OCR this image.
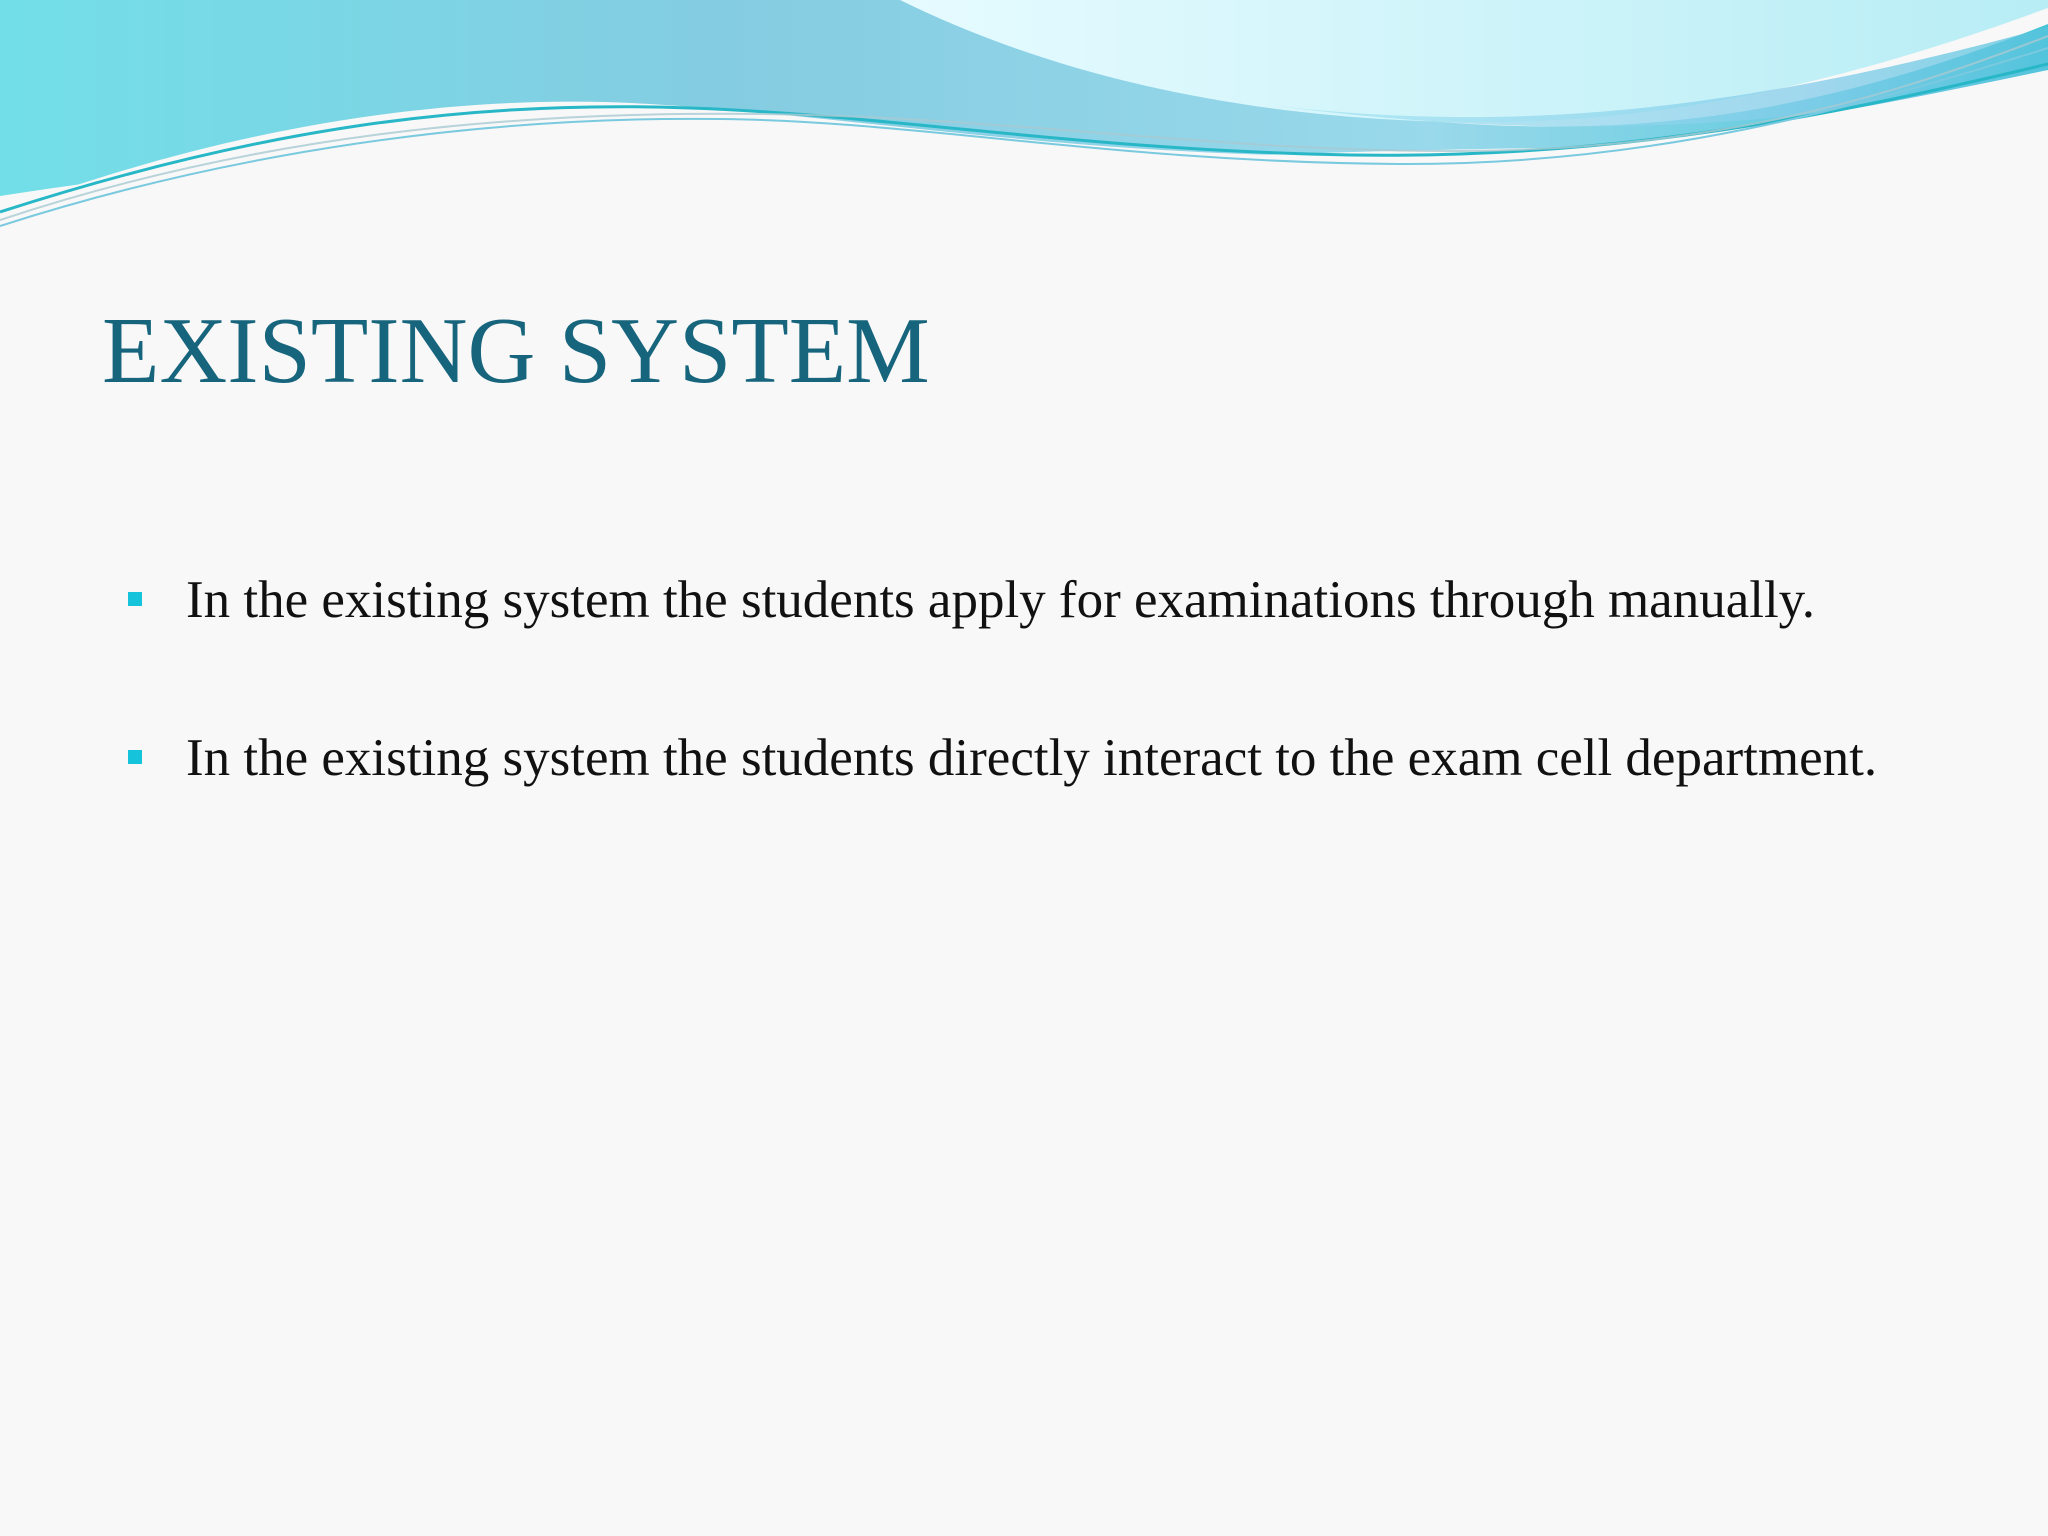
EXISTING SYSTEM
In the existing system the students apply for examinations through manually.
In the existing system the students directly interact to the exam cell department.
